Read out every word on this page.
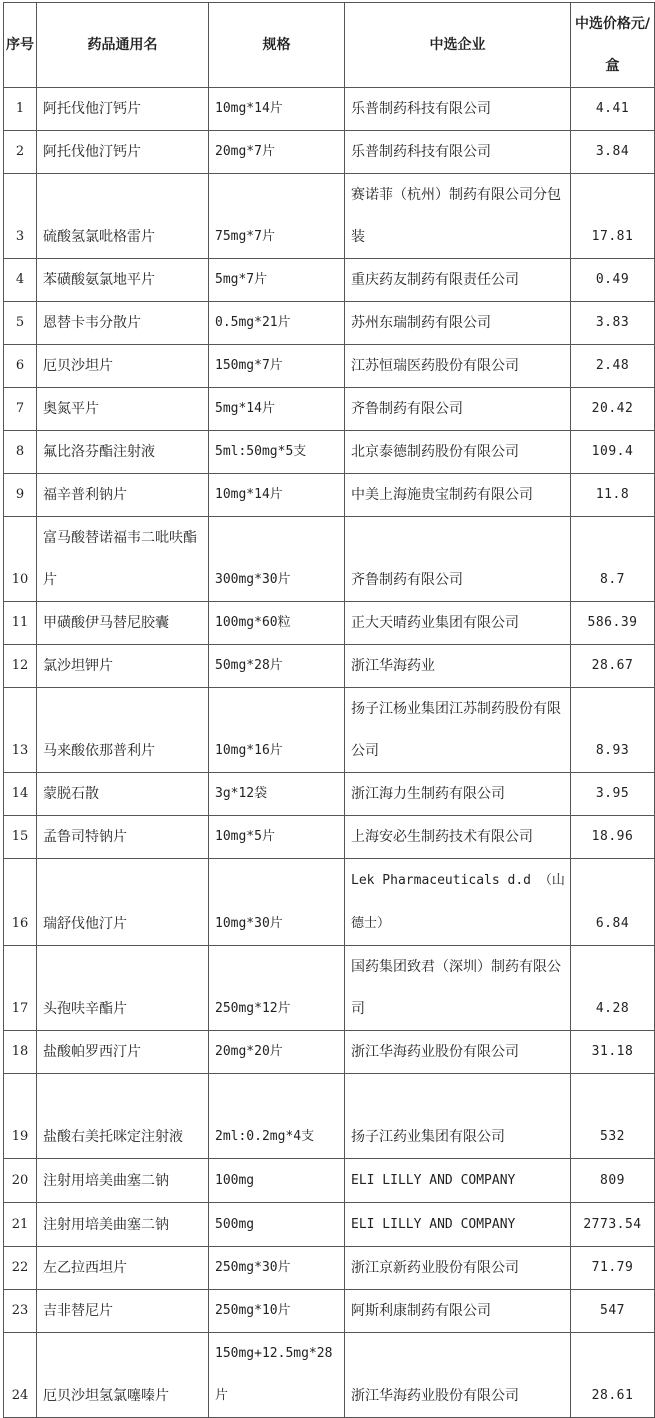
序号	药品通用名	规格	中选企业	中选价格元/盒
1	阿托伐他汀钙片	10mg*14片	乐普制药科技有限公司	4.41
2	阿托伐他汀钙片	20mg*7片	乐普制药科技有限公司	3.84
3	硫酸氢氯吡格雷片	75mg*7片	赛诺菲（杭州）制药有限公司分包装	17.81
4	苯磺酸氨氯地平片	5mg*7片	重庆药友制药有限责任公司	0.49
5	恩替卡韦分散片	0.5mg*21片	苏州东瑞制药有限公司	3.83
6	厄贝沙坦片	150mg*7片	江苏恒瑞医药股份有限公司	2.48
7	奥氮平片	5mg*14片	齐鲁制药有限公司	20.42
8	氟比洛芬酯注射液	5ml:50mg*5支	北京泰德制药股份有限公司	109.4
9	福辛普利钠片	10mg*14片	中美上海施贵宝制药有限公司	11.8
10	富马酸替诺福韦二吡呋酯片	300mg*30片	齐鲁制药有限公司	8.7
11	甲磺酸伊马替尼胶囊	100mg*60粒	正大天晴药业集团有限公司	586.39
12	氯沙坦钾片	50mg*28片	浙江华海药业	28.67
13	马来酸依那普利片	10mg*16片	扬子江杨业集团江苏制药股份有限公司	8.93
14	蒙脱石散	3g*12袋	浙江海力生制药有限公司	3.95
15	孟鲁司特钠片	10mg*5片	上海安必生制药技术有限公司	18.96
16	瑞舒伐他汀片	10mg*30片	Lek Pharmaceuticals d.d （山德士）	6.84
17	头孢呋辛酯片	250mg*12片	国药集团致君（深圳）制药有限公司	4.28
18	盐酸帕罗西汀片	20mg*20片	浙江华海药业股份有限公司	31.18
19	盐酸右美托咪定注射液	2ml:0.2mg*4支	扬子江药业集团有限公司	532
20	注射用培美曲塞二钠	100mg	ELI LILLY AND COMPANY	809
21	注射用培美曲塞二钠	500mg	ELI LILLY AND COMPANY	2773.54
22	左乙拉西坦片	250mg*30片	浙江京新药业股份有限公司	71.79
23	吉非替尼片	250mg*10片	阿斯利康制药有限公司	547
24	厄贝沙坦氢氯噻嗪片	150mg+12.5mg*28片	浙江华海药业股份有限公司	28.61
